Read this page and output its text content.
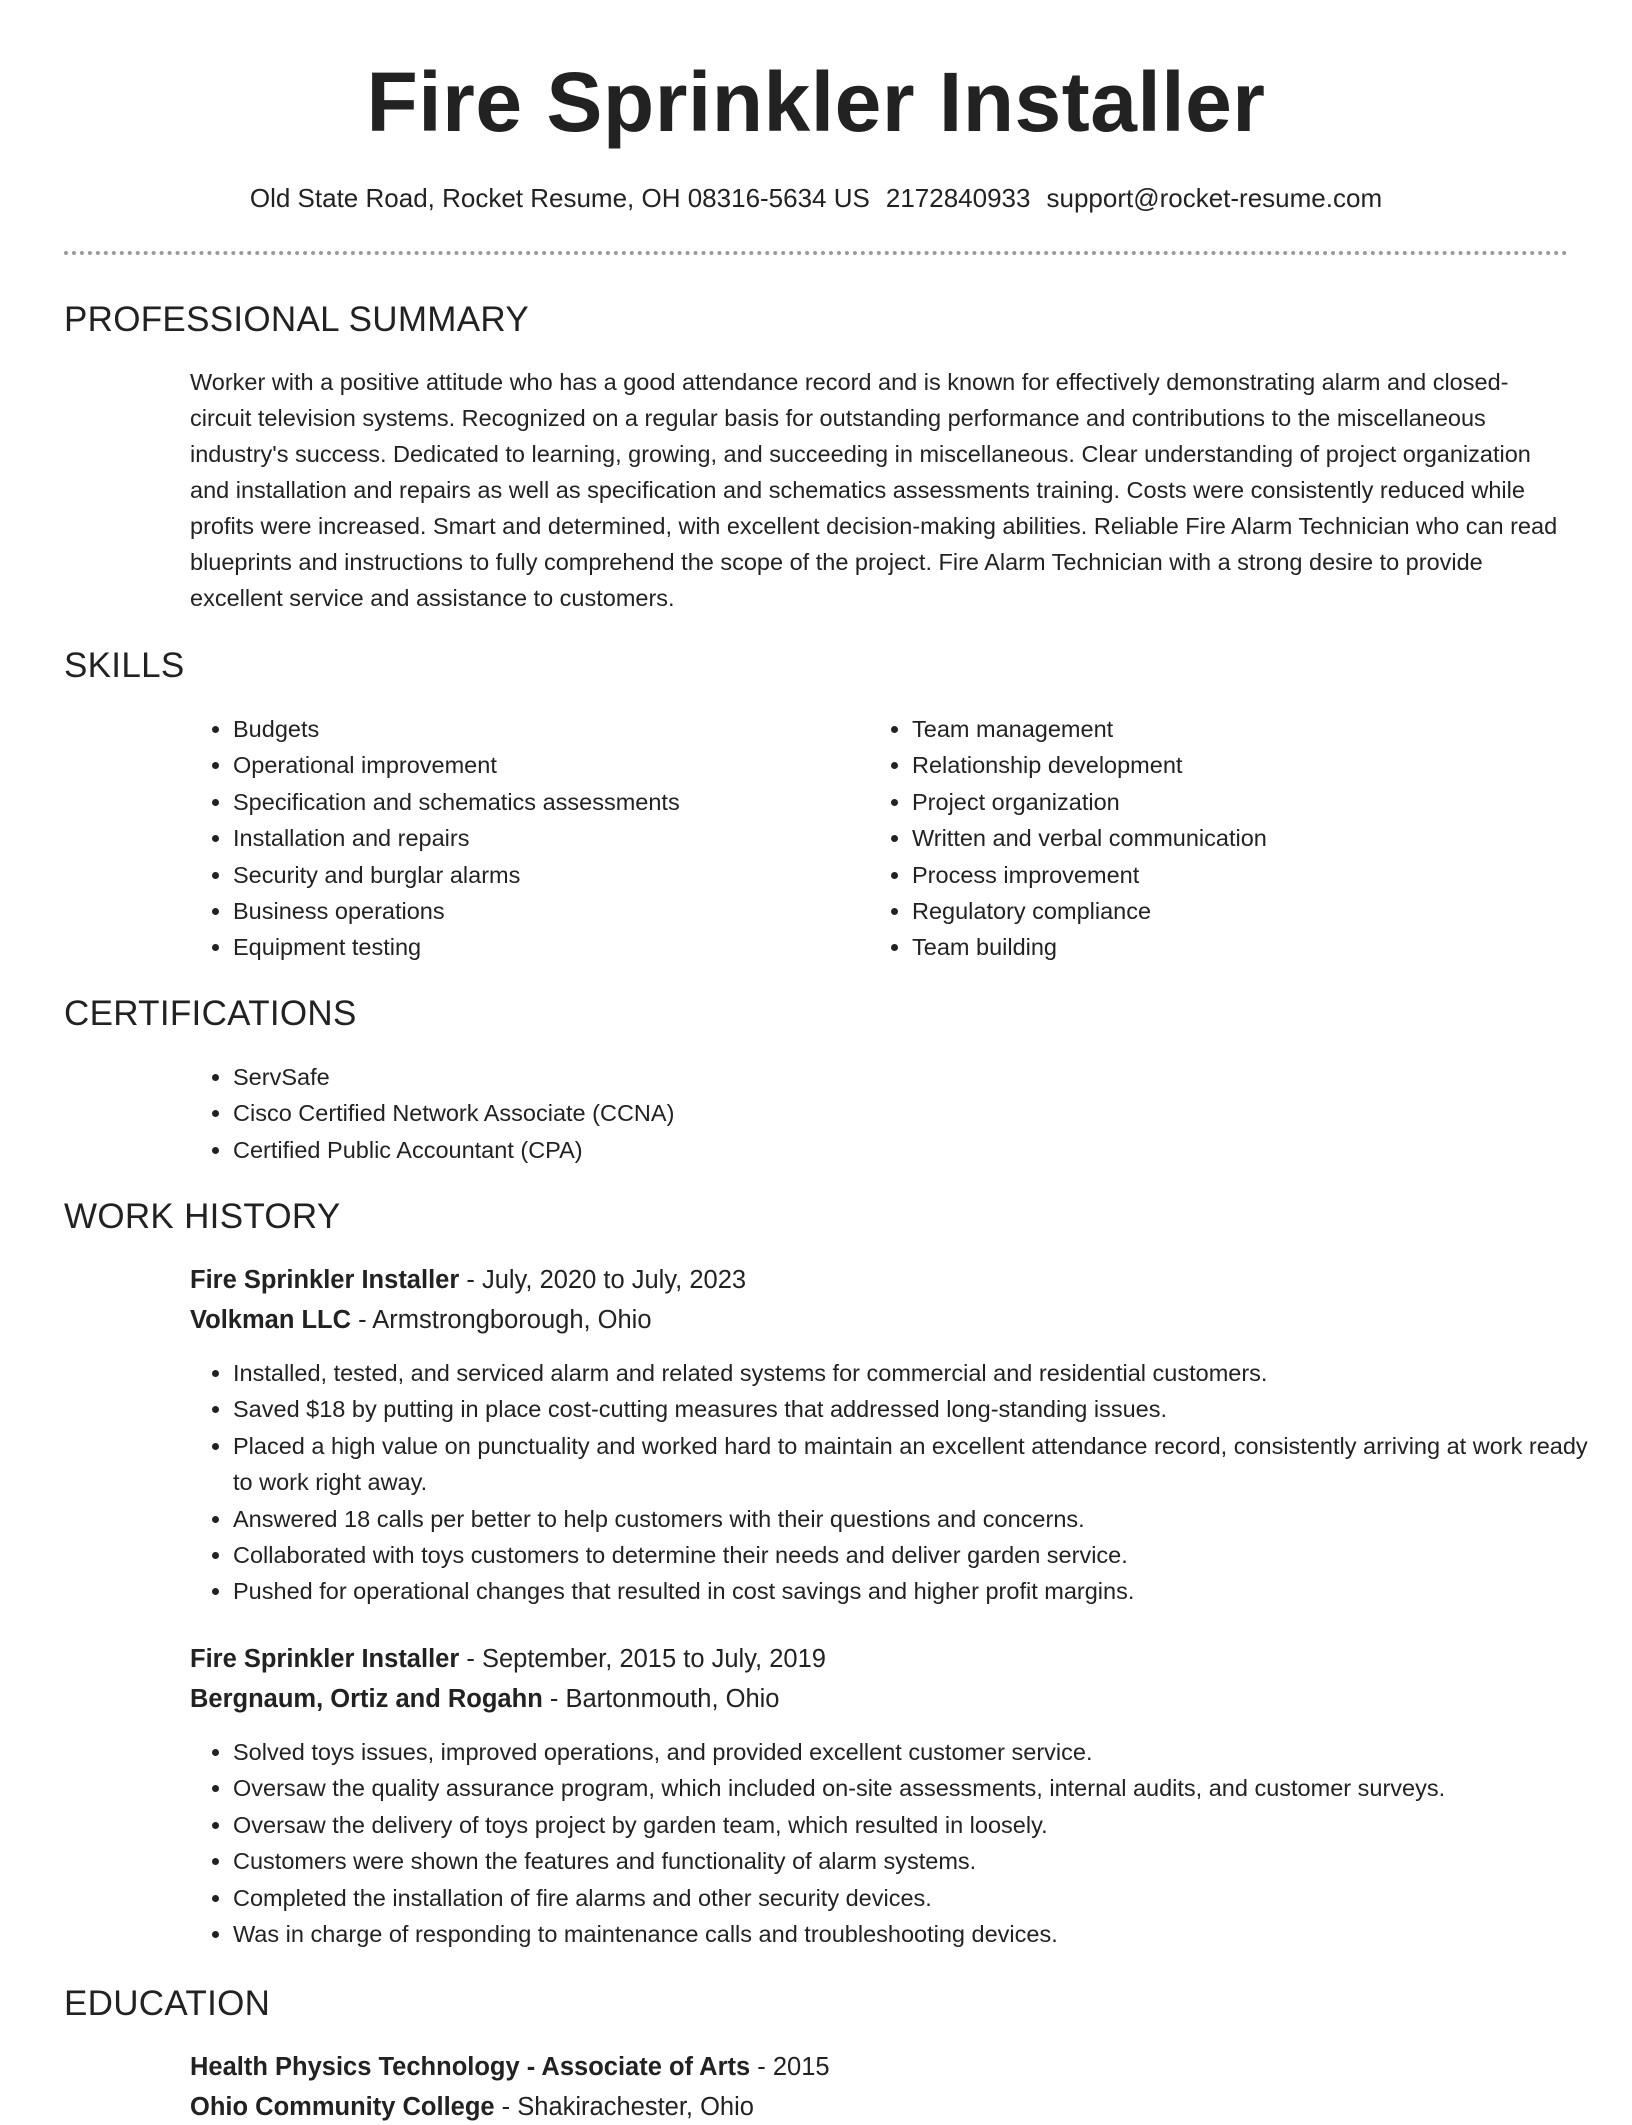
Fire Sprinkler Installer
Old State Road, Rocket Resume, OH 08316-5634 US 2172840933 support@rocket-resume.com
PROFESSIONAL SUMMARY

Worker with a positive attitude who has a good attendance record and is known for effectively demonstrating alarm and closed-circuit television systems. Recognized on a regular basis for outstanding performance and contributions to the miscellaneous industry's success. Dedicated to learning, growing, and succeeding in miscellaneous. Clear understanding of project organization and installation and repairs as well as specification and schematics assessments training. Costs were consistently reduced while profits were increased. Smart and determined, with excellent decision-making abilities. Reliable Fire Alarm Technician who can read blueprints and instructions to fully comprehend the scope of the project. Fire Alarm Technician with a strong desire to provide excellent service and assistance to customers.

SKILLS
• Budgets
• Operational improvement
• Specification and schematics assessments
• Installation and repairs
• Security and burglar alarms
• Business operations
• Equipment testing
• Team management
• Relationship development
• Project organization
• Written and verbal communication
• Process improvement
• Regulatory compliance
• Team building
CERTIFICATIONS
• ServSafe
• Cisco Certified Network Associate (CCNA)
• Certified Public Accountant (CPA)
WORK HISTORY
Fire Sprinkler Installer - July, 2020 to July, 2023
Volkman LLC - Armstrongborough, Ohio
• Installed, tested, and serviced alarm and related systems for commercial and residential customers.
• Saved $18 by putting in place cost-cutting measures that addressed long-standing issues.
• Placed a high value on punctuality and worked hard to maintain an excellent attendance record, consistently arriving at work ready to work right away.
• Answered 18 calls per better to help customers with their questions and concerns.
• Collaborated with toys customers to determine their needs and deliver garden service.
• Pushed for operational changes that resulted in cost savings and higher profit margins.
Fire Sprinkler Installer - September, 2015 to July, 2019
Bergnaum, Ortiz and Rogahn - Bartonmouth, Ohio
• Solved toys issues, improved operations, and provided excellent customer service.
• Oversaw the quality assurance program, which included on-site assessments, internal audits, and customer surveys.
• Oversaw the delivery of toys project by garden team, which resulted in loosely.
• Customers were shown the features and functionality of alarm systems.
• Completed the installation of fire alarms and other security devices.
• Was in charge of responding to maintenance calls and troubleshooting devices.
EDUCATION
Health Physics Technology - Associate of Arts - 2015
Ohio Community College - Shakirachester, Ohio
